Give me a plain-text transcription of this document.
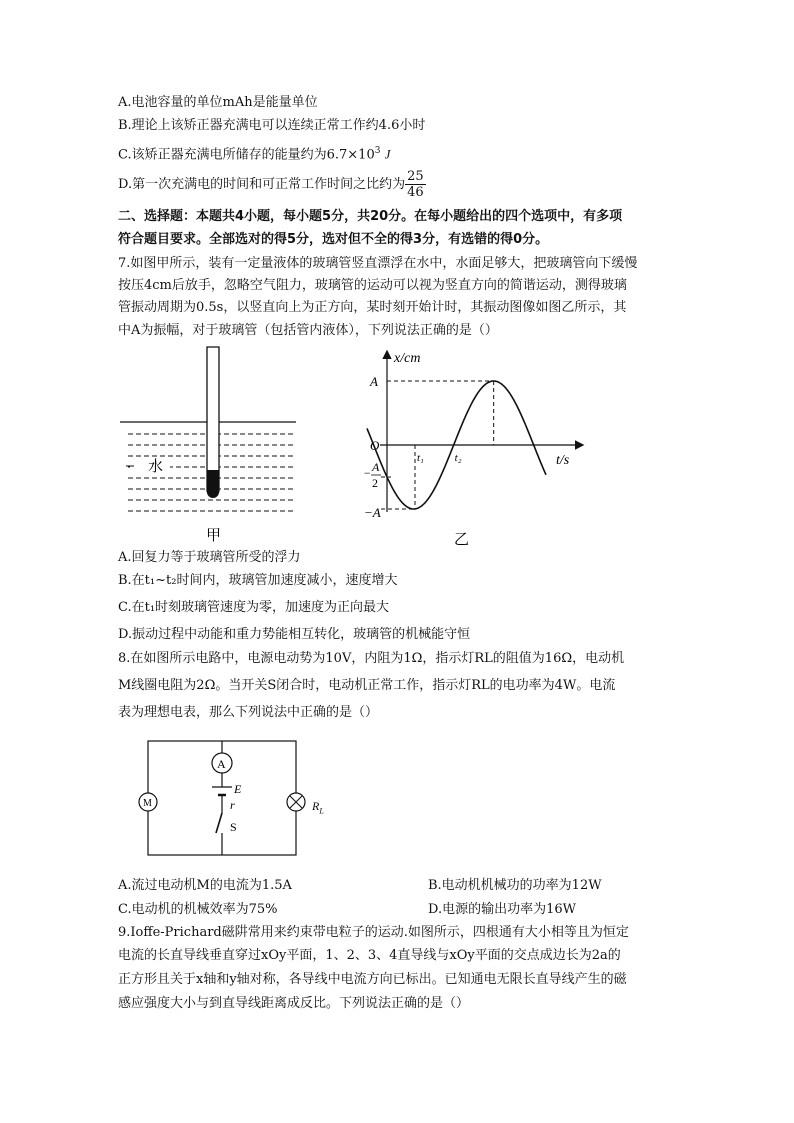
A.电池容量的单位mAh是能量单位
B.理论上该矫正器充满电可以连续正常工作约4.6小时
C.该矫正器充满电所储存的能量约为$6.7\times 10^3$ J
D.第一次充满电的时间和可正常工作时间之比约为 $\frac{25}{46}$
二、选择题：本题共4小题，每小题5分，共20分。在每小题给出的四个选项中，有多项
符合题目要求。全部选对的得5分，选对但不全的得3分，有选错的得0分。
7.如图甲所示，装有一定量液体的玻璃管竖直漂浮在水中，水面足够大，把玻璃管向下缓慢
按压4cm后放手，忽略空气阻力，玻璃管的运动可以视为竖直方向的简谐运动，测得玻璃
管振动周期为0.5s，以竖直向上为正方向，某时刻开始计时，其振动图像如图乙所示，其
中A为振幅，对于玻璃管（包括管内液体），下列说法正确的是（）
水
甲
x/cm
t/s
O
A
− A
2
−A
t₁	t₂
乙
A.回复力等于玻璃管所受的浮力
B.在t₁~t₂时间内，玻璃管加速度减小，速度增大
C.在t₁时刻玻璃管速度为零，加速度为正向最大
D.振动过程中动能和重力势能相互转化，玻璃管的机械能守恒
8.在如图所示电路中，电源电动势为10V，内阻为1Ω，指示灯RL的阻值为16Ω，电动机
M线圈电阻为2Ω。当开关S闭合时，电动机正常工作，指示灯RL的电功率为4W。电流
表为理想电表，那么下列说法中正确的是（）
A
E
r
S
M	$R_L$
A.流过电动机M的电流为1.5A	B.电动机机械功的功率为12W
C.电动机的机械效率为75%	D.电源的输出功率为16W
9.Ioffe-Prichard磁阱常用来约束带电粒子的运动.如图所示，四根通有大小相等且为恒定
电流的长直导线垂直穿过xOy平面，1、2、3、4直导线与xOy平面的交点成边长为2a的
正方形且关于x轴和y轴对称，各导线中电流方向已标出。已知通电无限长直导线产生的磁
感应强度大小与到直导线距离成反比。下列说法正确的是（）
